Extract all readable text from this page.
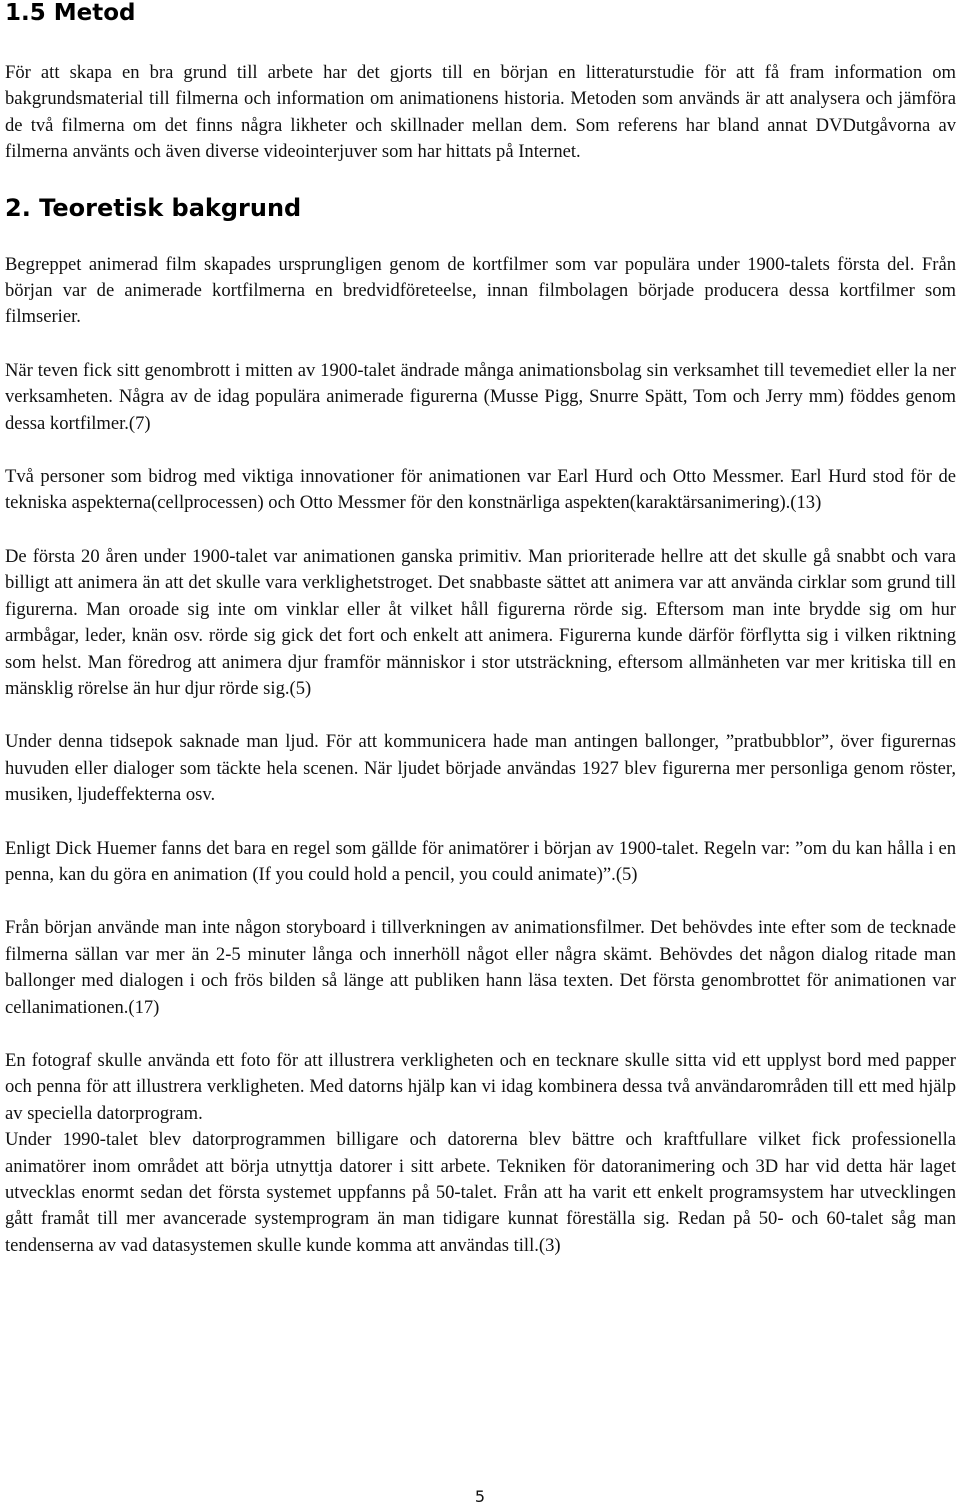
1.5 Metod

För att skapa en bra grund till arbete har det gjorts till en början en litteraturstudie för att få fram information om bakgrundsmaterial till filmerna och information om animationens historia. Metoden som används är att analysera och jämföra de två filmerna om det finns några likheter och skillnader mellan dem. Som referens har bland annat DVDutgåvorna av filmerna använts och även diverse videointerjuver som har hittats på Internet.

2. Teoretisk bakgrund

Begreppet animerad film skapades ursprungligen genom de kortfilmer som var populära under 1900-talets första del. Från början var de animerade kortfilmerna en bredvidföreteelse, innan filmbolagen började producera dessa kortfilmer som filmserier.

När teven fick sitt genombrott i mitten av 1900-talet ändrade många animationsbolag sin verksamhet till tevemediet eller la ner verksamheten. Några av de idag populära animerade figurerna (Musse Pigg, Snurre Spätt, Tom och Jerry mm) föddes genom dessa kortfilmer.(7)

Två personer som bidrog med viktiga innovationer för animationen var Earl Hurd och Otto Messmer. Earl Hurd stod för de tekniska aspekterna(cellprocessen) och Otto Messmer för den konstnärliga aspekten(karaktärsanimering).(13)

De första 20 åren under 1900-talet var animationen ganska primitiv. Man prioriterade hellre att det skulle gå snabbt och vara billigt att animera än att det skulle vara verklighetstroget. Det snabbaste sättet att animera var att använda cirklar som grund till figurerna. Man oroade sig inte om vinklar eller åt vilket håll figurerna rörde sig. Eftersom man inte brydde sig om hur armbågar, leder, knän osv. rörde sig gick det fort och enkelt att animera. Figurerna kunde därför förflytta sig i vilken riktning som helst. Man föredrog att animera djur framför människor i stor utsträckning, eftersom allmänheten var mer kritiska till en mänsklig rörelse än hur djur rörde sig.(5)

Under denna tidsepok saknade man ljud. För att kommunicera hade man antingen ballonger, ”pratbubblor”, över figurernas huvuden eller dialoger som täckte hela scenen. När ljudet började användas 1927 blev figurerna mer personliga genom röster, musiken, ljudeffekterna osv.

Enligt Dick Huemer fanns det bara en regel som gällde för animatörer i början av 1900-talet. Regeln var: ”om du kan hålla i en penna, kan du göra en animation (If you could hold a pencil, you could animate)”.(5)

Från början använde man inte någon storyboard i tillverkningen av animationsfilmer. Det behövdes inte efter som de tecknade filmerna sällan var mer än 2-5 minuter långa och innerhöll något eller några skämt. Behövdes det någon dialog ritade man ballonger med dialogen i och frös bilden så länge att publiken hann läsa texten. Det första genombrottet för animationen var cellanimationen.(17)

En fotograf skulle använda ett foto för att illustrera verkligheten och en tecknare skulle sitta vid ett upplyst bord med papper och penna för att illustrera verkligheten. Med datorns hjälp kan vi idag kombinera dessa två användarområden till ett med hjälp av speciella datorprogram.

Under 1990-talet blev datorprogrammen billigare och datorerna blev bättre och kraftfullare vilket fick professionella animatörer inom området att börja utnyttja datorer i sitt arbete. Tekniken för datoranimering och 3D har vid detta här laget utvecklas enormt sedan det första systemet uppfanns på 50-talet. Från att ha varit ett enkelt programsystem har utvecklingen gått framåt till mer avancerade systemprogram än man tidigare kunnat föreställa sig. Redan på 50- och 60-talet såg man tendenserna av vad datasystemen skulle kunde komma att användas till.(3)

5
